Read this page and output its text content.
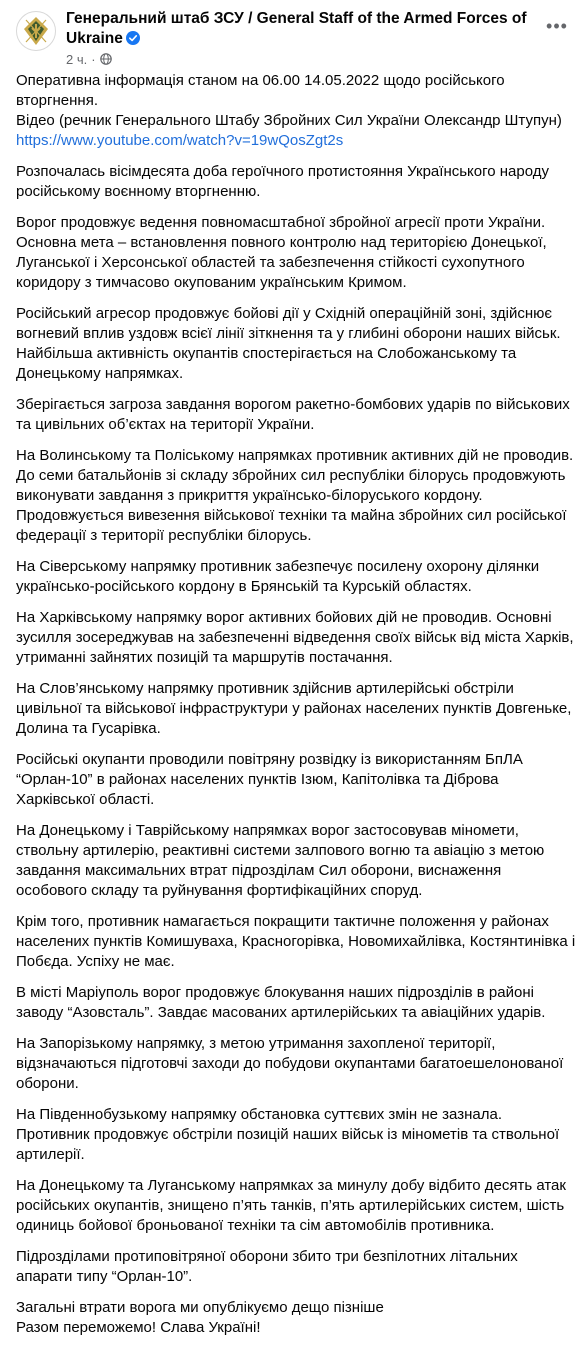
Генеральний штаб ЗСУ / General Staff of the Armed Forces of Ukraine
2 ч. ·
•••

Оперативна інформація станом на 06.00 14.05.2022 щодо російського вторгнення.
Відео (речник Генерального Штабу Збройних Сил України Олександр Штупун)
https://www.youtube.com/watch?v=19wQosZgt2s

Розпочалась вісімдесята доба героїчного протистояння Українського народу російському воєнному вторгненню.

Ворог продовжує ведення повномасштабної збройної агресії проти України. Основна мета – встановлення повного контролю над територією Донецької, Луганської і Херсонської областей та забезпечення стійкості сухопутного коридору з тимчасово окупованим українським Кримом.

Російський агресор продовжує бойові дії у Східній операційній зоні, здійснює вогневий вплив уздовж всієї лінії зіткнення та у глибині оборони наших військ. Найбільша активність окупантів спостерігається на Слобожанському та Донецькому напрямках.

Зберігається загроза завдання ворогом ракетно-бомбових ударів по військових та цивільних об’єктах на території України.

На Волинському та Поліському напрямках противник активних дій не проводив. До семи батальйонів зі складу збройних сил республіки білорусь продовжують виконувати завдання з прикриття українсько-білоруського кордону. Продовжується вивезення військової техніки та майна збройних сил російської федерації з території республіки білорусь.

На Сіверському напрямку противник забезпечує посилену охорону ділянки українсько-російського кордону в Брянській та Курській областях.

На Харківському напрямку ворог активних бойових дій не проводив. Основні зусилля зосереджував на забезпеченні відведення своїх військ від міста Харків, утриманні зайнятих позицій та маршрутів постачання.

На Слов’янському напрямку противник здійснив артилерійські обстріли цивільної та військової інфраструктури у районах населених пунктів Довгеньке, Долина та Гусарівка.

Російські окупанти проводили повітряну розвідку із використанням БпЛА “Орлан-10” в районах населених пунктів Ізюм, Капітолівка та Діброва Харківської області.

На Донецькому і Таврійському напрямках ворог застосовував міномети, ствольну артилерію, реактивні системи залпового вогню та авіацію з метою завдання максимальних втрат підрозділам Сил оборони, виснаження особового складу та руйнування фортифікаційних споруд.

Крім того, противник намагається покращити тактичне положення у районах населених пунктів Комишуваха, Красногорівка, Новомихайлівка, Костянтинівка і Побєда. Успіху не має.

В місті Маріуполь ворог продовжує блокування наших підрозділів в районі заводу “Азовсталь”. Завдає масованих артилерійських та авіаційних ударів.

На Запорізькому напрямку, з метою утримання захопленої території, відзначаються підготовчі заходи до побудови окупантами багатоешелонованої оборони.

На Південнобузькому напрямку обстановка суттєвих змін не зазнала. Противник продовжує обстріли позицій наших військ із мінометів та ствольної артилерії.

На Донецькому та Луганському напрямках за минулу добу відбито десять атак російських окупантів, знищено п’ять танків, п’ять артилерійських систем, шість одиниць бойової броньованої техніки та сім автомобілів противника.

Підрозділами протиповітряної оборони збито три безпілотних літальних апарати типу “Орлан-10”.

Загальні втрати ворога ми опублікуємо дещо пізніше
Разом переможемо! Слава Україні!
